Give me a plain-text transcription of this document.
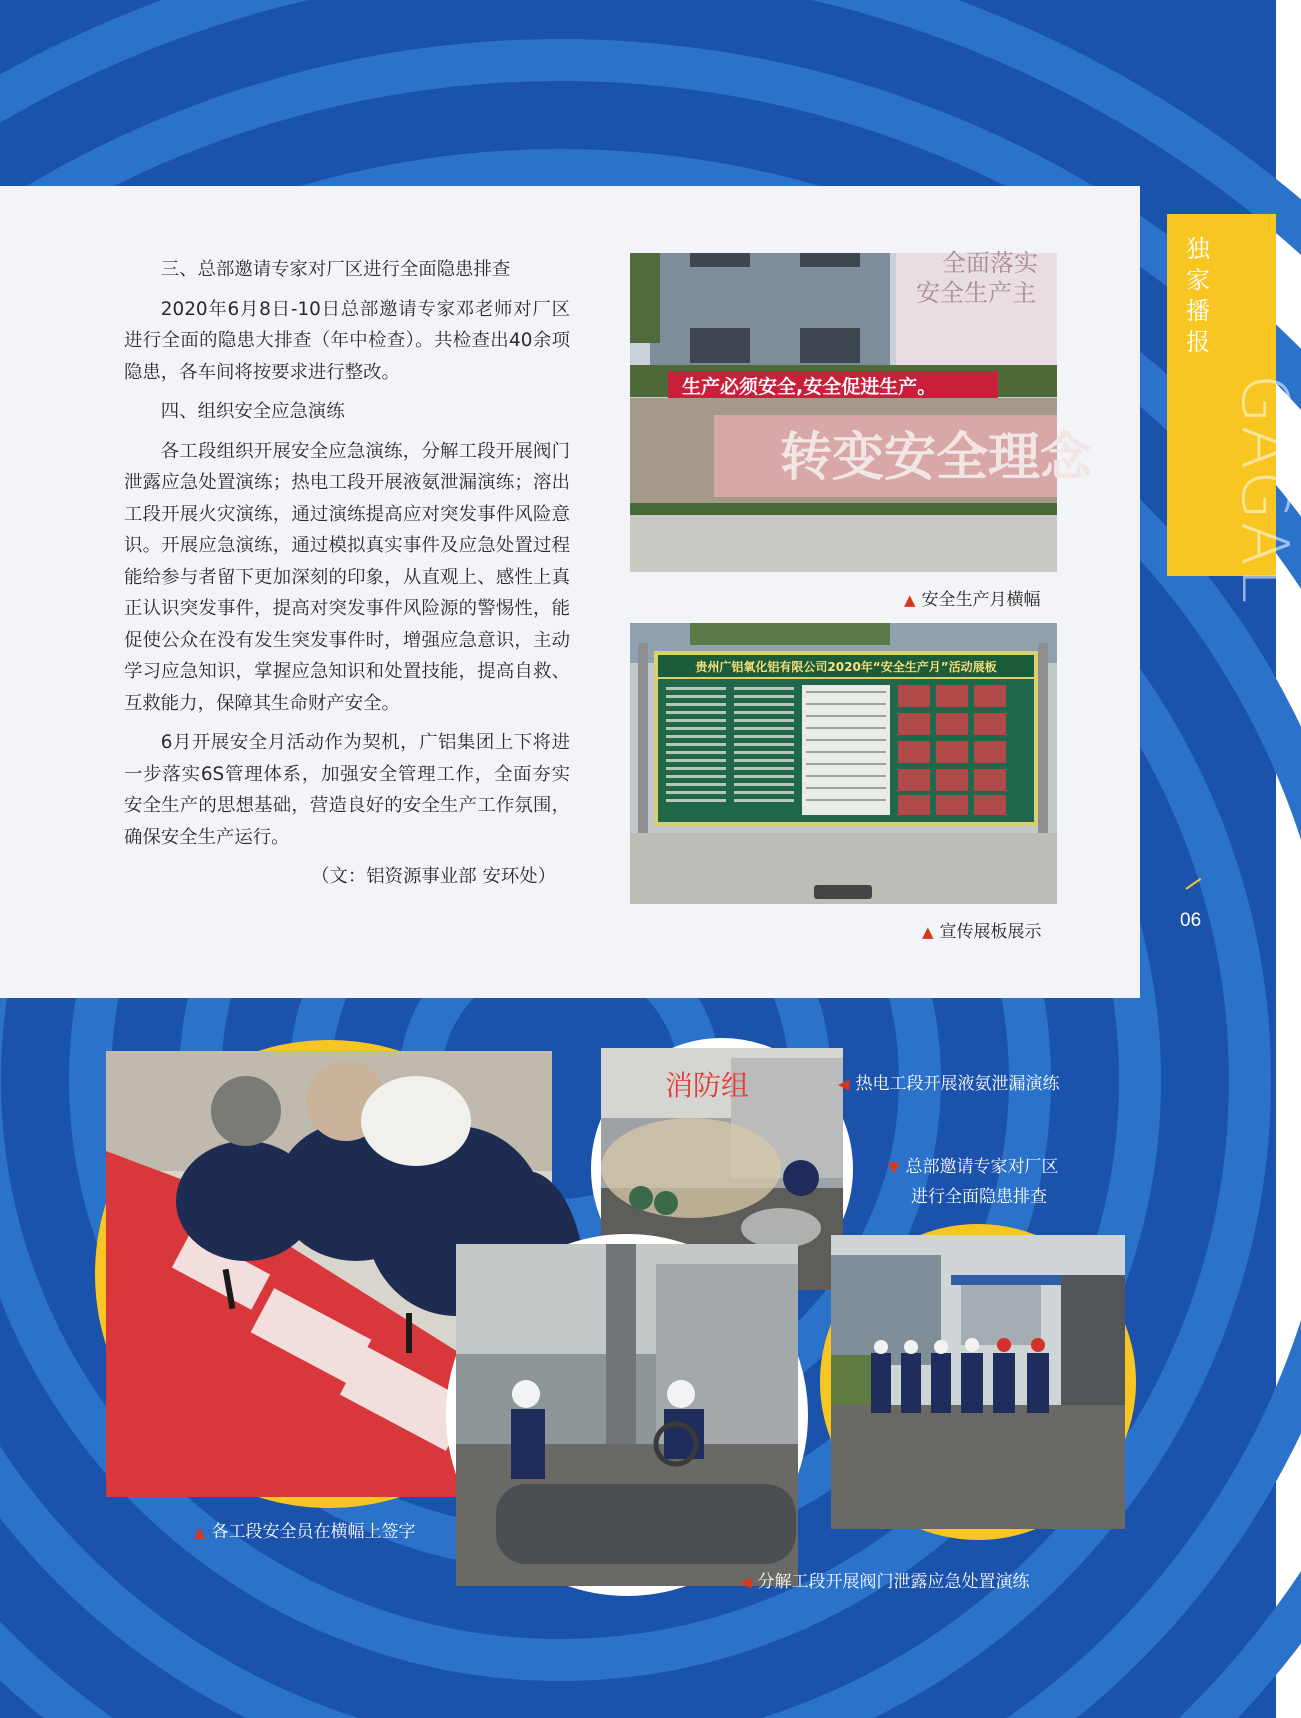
三、总部邀请专家对厂区进行全面隐患排查

2020年6月8日-10日总部邀请专家邓老师对厂区进行全面的隐患大排查（年中检查）。共检查出40余项隐患，各车间将按要求进行整改。

四、组织安全应急演练

各工段组织开展安全应急演练，分解工段开展阀门泄露应急处置演练；热电工段开展液氨泄漏演练；溶出工段开展火灾演练，通过演练提高应对突发事件风险意识。开展应急演练，通过模拟真实事件及应急处置过程能给参与者留下更加深刻的印象，从直观上、感性上真正认识突发事件，提高对突发事件风险源的警惕性，能促使公众在没有发生突发事件时，增强应急意识，主动学习应急知识，掌握应急知识和处置技能，提高自救、互救能力，保障其生命财产安全。

6月开展安全月活动作为契机，广铝集团上下将进一步落实6S管理体系，加强安全管理工作，全面夯实安全生产的思想基础，营造良好的安全生产工作氛围，确保安全生产运行。

（文：铝资源事业部 安环处）

全面落实
安全生产主
生产必须安全,安全促进生产。
转变安全理念
▲ 安全生产月横幅
贵州广铝氧化铝有限公司2020年“安全生产月”活动展板
▲ 宣传展板展示
独家播报
GAGAL
06
消防组	◀ 热电工段开展液氨泄漏演练
▼ 总部邀请专家对厂区
进行全面隐患排查
▲ 各工段安全员在横幅上签字
◀ 分解工段开展阀门泄露应急处置演练
